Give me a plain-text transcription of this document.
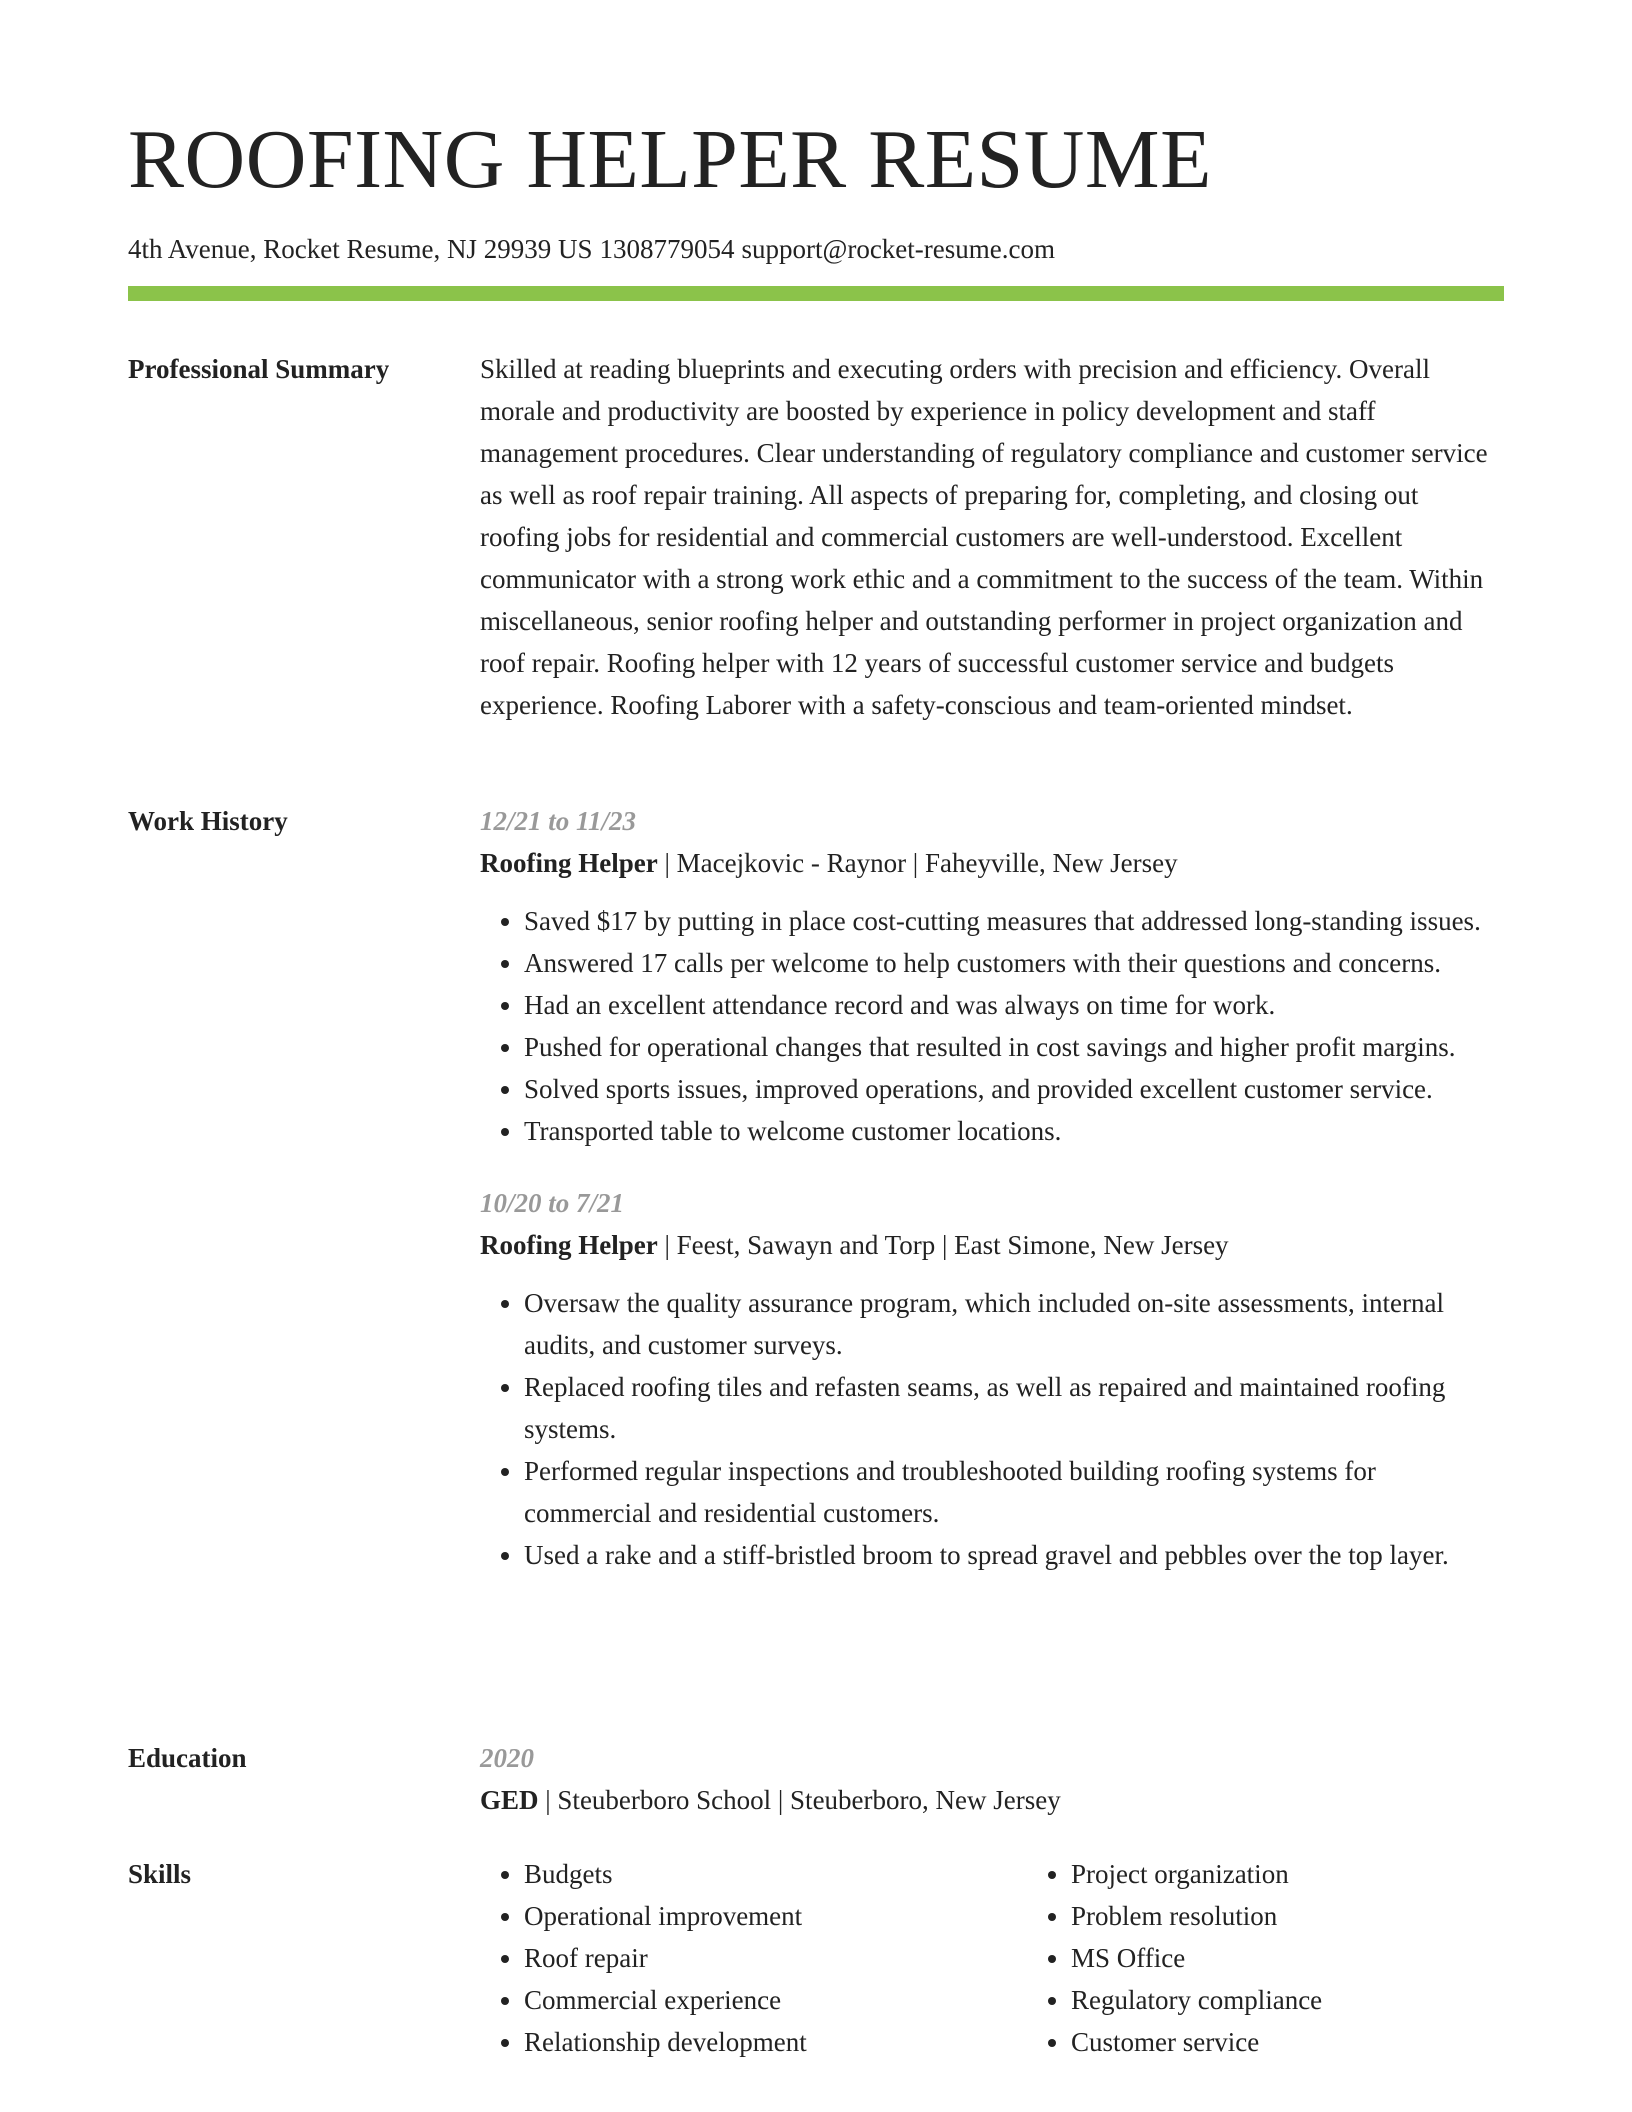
ROOFING HELPER RESUME
4th Avenue, Rocket Resume, NJ 29939 US 1308779054 support@rocket-resume.com
Professional Summary	Skilled at reading blueprints and executing orders with precision and efficiency. Overall morale and productivity are boosted by experience in policy development and staff management procedures. Clear understanding of regulatory compliance and customer service as well as roof repair training. All aspects of preparing for, completing, and closing out roofing jobs for residential and commercial customers are well-understood. Excellent communicator with a strong work ethic and a commitment to the success of the team. Within miscellaneous, senior roofing helper and outstanding performer in project organization and roof repair. Roofing helper with 12 years of successful customer service and budgets experience. Roofing Laborer with a safety-conscious and team-oriented mindset.

Work History	12/21 to 11/23
Roofing Helper | Macejkovic - Raynor | Faheyville, New Jersey
• Saved $17 by putting in place cost-cutting measures that addressed long-standing issues.
• Answered 17 calls per welcome to help customers with their questions and concerns.
• Had an excellent attendance record and was always on time for work.
• Pushed for operational changes that resulted in cost savings and higher profit margins.
• Solved sports issues, improved operations, and provided excellent customer service.
• Transported table to welcome customer locations.
10/20 to 7/21
Roofing Helper | Feest, Sawayn and Torp | East Simone, New Jersey
• Oversaw the quality assurance program, which included on-site assessments, internal audits, and customer surveys.
• Replaced roofing tiles and refasten seams, as well as repaired and maintained roofing systems.
• Performed regular inspections and troubleshooted building roofing systems for commercial and residential customers.
• Used a rake and a stiff-bristled broom to spread gravel and pebbles over the top layer.
Education	2020
GED | Steuberboro School | Steuberboro, New Jersey
Skills
•	Budgets
• Operational improvement
• Roof repair
• Commercial experience
• Relationship development
• Project organization
• Problem resolution
• MS Office
• Regulatory compliance
• Customer service
